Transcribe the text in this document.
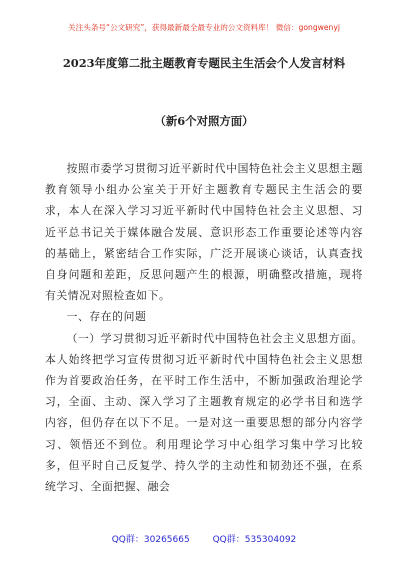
关注头条号“公文研究”，获得最新最全最专业的公文资料库！ 微信：gongwenyj
2023年度第二批主题教育专题民主生活会个人发言材料
（新6个对照方面）

按照市委学习贯彻习近平新时代中国特色社会主义思想主题教育领导小组办公室关于开好主题教育专题民主生活会的要求，本人在深入学习习近平新时代中国特色社会主义思想、习近平总书记关于媒体融合发展、意识形态工作重要论述等内容的基础上，紧密结合工作实际，广泛开展谈心谈话，认真查找自身问题和差距，反思问题产生的根源，明确整改措施，现将有关情况对照检查如下。

一、存在的问题

（一）学习贯彻习近平新时代中国特色社会主义思想方面。本人始终把学习宣传贯彻习近平新时代中国特色社会主义思想作为首要政治任务，在平时工作生活中，不断加强政治理论学习，全面、主动、深入学习了主题教育规定的必学书目和选学内容，但仍存在以下不足。一是对这一重要思想的部分内容学习、领悟还不到位。利用理论学习中心组学习集中学习比较多，但平时自己反复学、持久学的主动性和韧劲还不强，在系统学习、全面把握、融会

QQ群：30265665	QQ群：535304092
